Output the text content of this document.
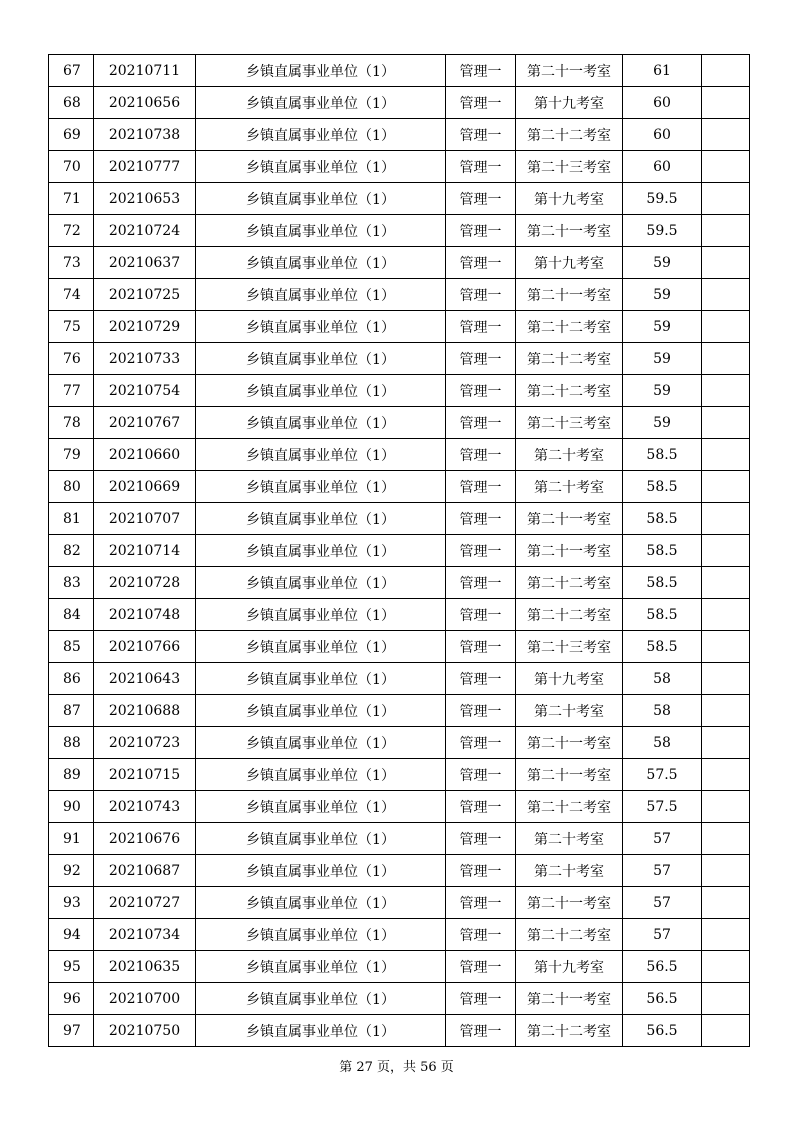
67	20210711	乡镇直属事业单位（1）	管理一	第二十一考室	61	
68	20210656	乡镇直属事业单位（1）	管理一	第十九考室	60	
69	20210738	乡镇直属事业单位（1）	管理一	第二十二考室	60	
70	20210777	乡镇直属事业单位（1）	管理一	第二十三考室	60	
71	20210653	乡镇直属事业单位（1）	管理一	第十九考室	59.5	
72	20210724	乡镇直属事业单位（1）	管理一	第二十一考室	59.5	
73	20210637	乡镇直属事业单位（1）	管理一	第十九考室	59	
74	20210725	乡镇直属事业单位（1）	管理一	第二十一考室	59	
75	20210729	乡镇直属事业单位（1）	管理一	第二十二考室	59	
76	20210733	乡镇直属事业单位（1）	管理一	第二十二考室	59	
77	20210754	乡镇直属事业单位（1）	管理一	第二十二考室	59	
78	20210767	乡镇直属事业单位（1）	管理一	第二十三考室	59	
79	20210660	乡镇直属事业单位（1）	管理一	第二十考室	58.5	
80	20210669	乡镇直属事业单位（1）	管理一	第二十考室	58.5	
81	20210707	乡镇直属事业单位（1）	管理一	第二十一考室	58.5	
82	20210714	乡镇直属事业单位（1）	管理一	第二十一考室	58.5	
83	20210728	乡镇直属事业单位（1）	管理一	第二十二考室	58.5	
84	20210748	乡镇直属事业单位（1）	管理一	第二十二考室	58.5	
85	20210766	乡镇直属事业单位（1）	管理一	第二十三考室	58.5	
86	20210643	乡镇直属事业单位（1）	管理一	第十九考室	58	
87	20210688	乡镇直属事业单位（1）	管理一	第二十考室	58	
88	20210723	乡镇直属事业单位（1）	管理一	第二十一考室	58	
89	20210715	乡镇直属事业单位（1）	管理一	第二十一考室	57.5	
90	20210743	乡镇直属事业单位（1）	管理一	第二十二考室	57.5	
91	20210676	乡镇直属事业单位（1）	管理一	第二十考室	57	
92	20210687	乡镇直属事业单位（1）	管理一	第二十考室	57	
93	20210727	乡镇直属事业单位（1）	管理一	第二十一考室	57	
94	20210734	乡镇直属事业单位（1）	管理一	第二十二考室	57	
95	20210635	乡镇直属事业单位（1）	管理一	第十九考室	56.5	
96	20210700	乡镇直属事业单位（1）	管理一	第二十一考室	56.5	
97	20210750	乡镇直属事业单位（1）	管理一	第二十二考室	56.5	
第 27 页，共 56 页
